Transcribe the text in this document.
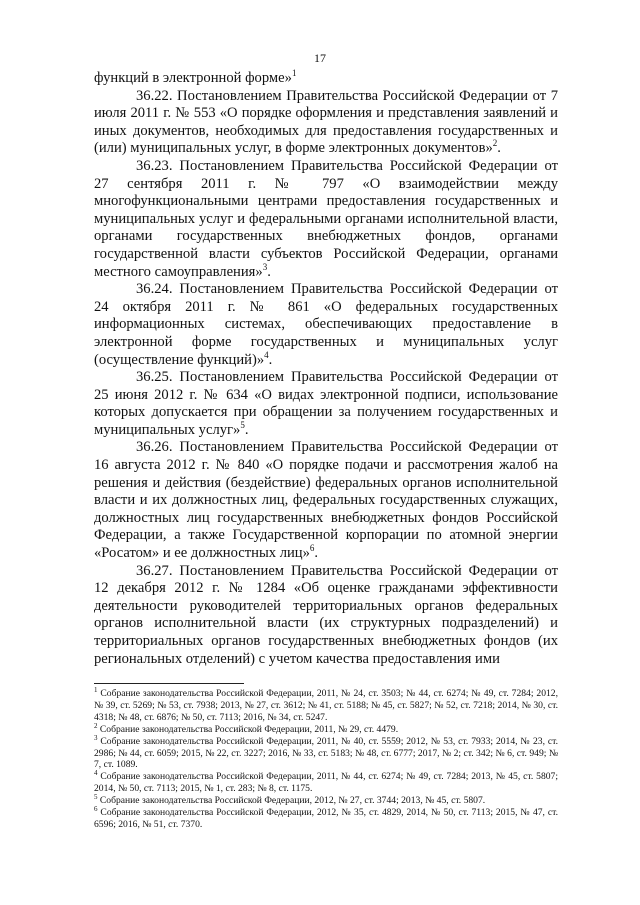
17

функций в электронной форме»$^1$

36.22. Постановлением Правительства Российской Федерации от 7 июля 2011 г. № 553 «О порядке оформления и представления заявлений и иных документов, необходимых для предоставления государственных и (или) муниципальных услуг, в форме электронных документов»$^2$.

36.23. Постановлением Правительства Российской Федерации от 27 сентября 2011 г. № 797 «О взаимодействии между многофункциональными центрами предоставления государственных и муниципальных услуг и федеральными органами исполнительной власти, органами государственных внебюджетных фондов, органами государственной власти субъектов Российской Федерации, органами местного самоуправления»$^3$.

36.24. Постановлением Правительства Российской Федерации от 24 октября 2011 г. № 861 «О федеральных государственных информационных системах, обеспечивающих предоставление в электронной форме государственных и муниципальных услуг (осуществление функций)»$^4$.

36.25. Постановлением Правительства Российской Федерации от 25 июня 2012 г. № 634 «О видах электронной подписи, использование которых допускается при обращении за получением государственных и муниципальных услуг»$^5$.

36.26. Постановлением Правительства Российской Федерации от 16 августа 2012 г. № 840 «О порядке подачи и рассмотрения жалоб на решения и действия (бездействие) федеральных органов исполнительной власти и их должностных лиц, федеральных государственных служащих, должностных лиц государственных внебюджетных фондов Российской Федерации, а также Государственной корпорации по атомной энергии «Росатом» и ее должностных лиц»$^6$.

36.27. Постановлением Правительства Российской Федерации от 12 декабря 2012 г. № 1284 «Об оценке гражданами эффективности деятельности руководителей территориальных органов федеральных органов исполнительной власти (их структурных подразделений) и территориальных органов государственных внебюджетных фондов (их региональных отделений) с учетом качества предоставления ими

$^1$ Собрание законодательства Российской Федерации, 2011, № 24, ст. 3503; № 44, ст. 6274; № 49, ст. 7284; 2012, № 39, ст. 5269; № 53, ст. 7938; 2013, № 27, ст. 3612; № 41, ст. 5188; № 45, ст. 5827; № 52, ст. 7218; 2014, № 30, ст. 4318; № 48, ст. 6876; № 50, ст. 7113; 2016, № 34, ст. 5247.

$^2$ Собрание законодательства Российской Федерации, 2011, № 29, ст. 4479.

$^3$ Собрание законодательства Российской Федерации, 2011, № 40, ст. 5559; 2012, № 53, ст. 7933; 2014, № 23, ст. 2986; № 44, ст. 6059; 2015, № 22, ст. 3227; 2016, № 33, ст. 5183; № 48, ст. 6777; 2017, № 2; ст. 342; № 6, ст. 949; № 7, ст. 1089.

$^4$ Собрание законодательства Российской Федерации, 2011, № 44, ст. 6274; № 49, ст. 7284; 2013, № 45, ст. 5807; 2014, № 50, ст. 7113; 2015, № 1, ст. 283; № 8, ст. 1175.

$^5$ Собрание законодательства Российской Федерации, 2012, № 27, ст. 3744; 2013, № 45, ст. 5807.

$^6$ Собрание законодательства Российской Федерации, 2012, № 35, ст. 4829, 2014, № 50, ст. 7113; 2015, № 47, ст. 6596; 2016, № 51, ст. 7370.
